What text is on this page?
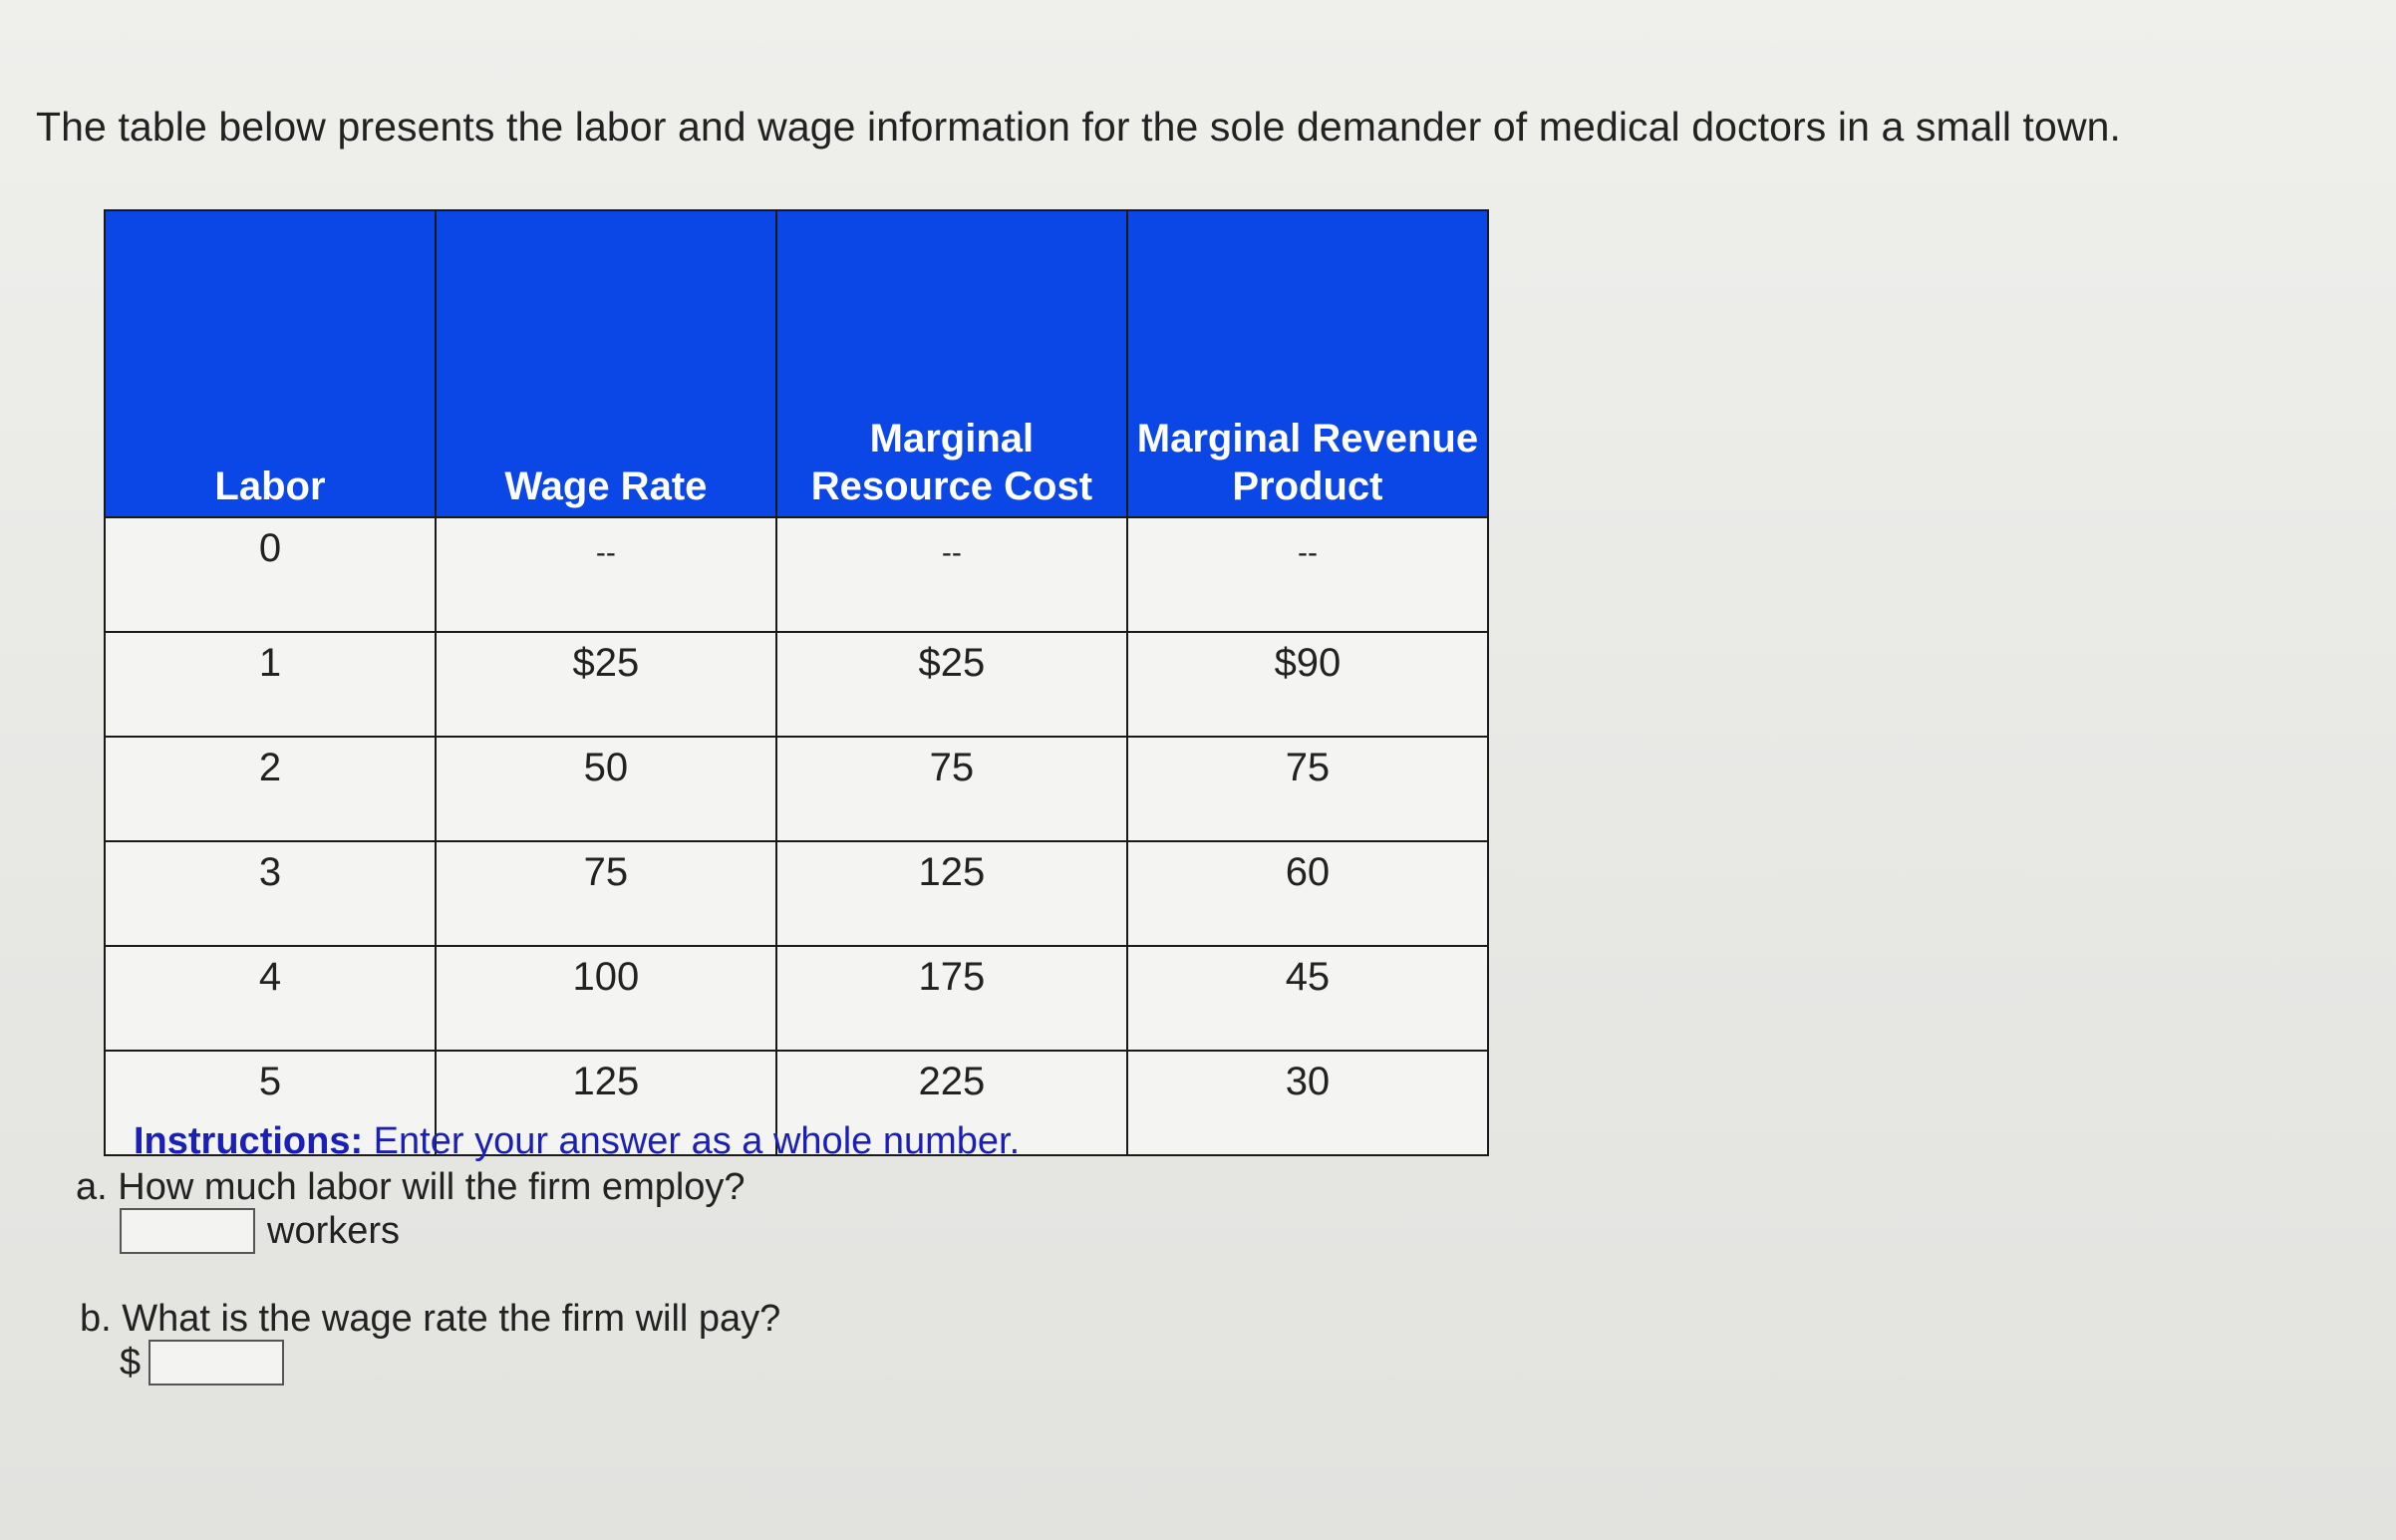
The table below presents the labor and wage information for the sole demander of medical doctors in a small town.
Labor	Wage Rate	Marginal Resource Cost	Marginal Revenue Product
0	--	--	--
1	$25	$25	$90
2	50	75	75
3	75	125	60
4	100	175	45
5	125	225	30
Instructions: Enter your answer as a whole number.
a. How much labor will the firm employ?
workers
b. What is the wage rate the firm will pay?
$
